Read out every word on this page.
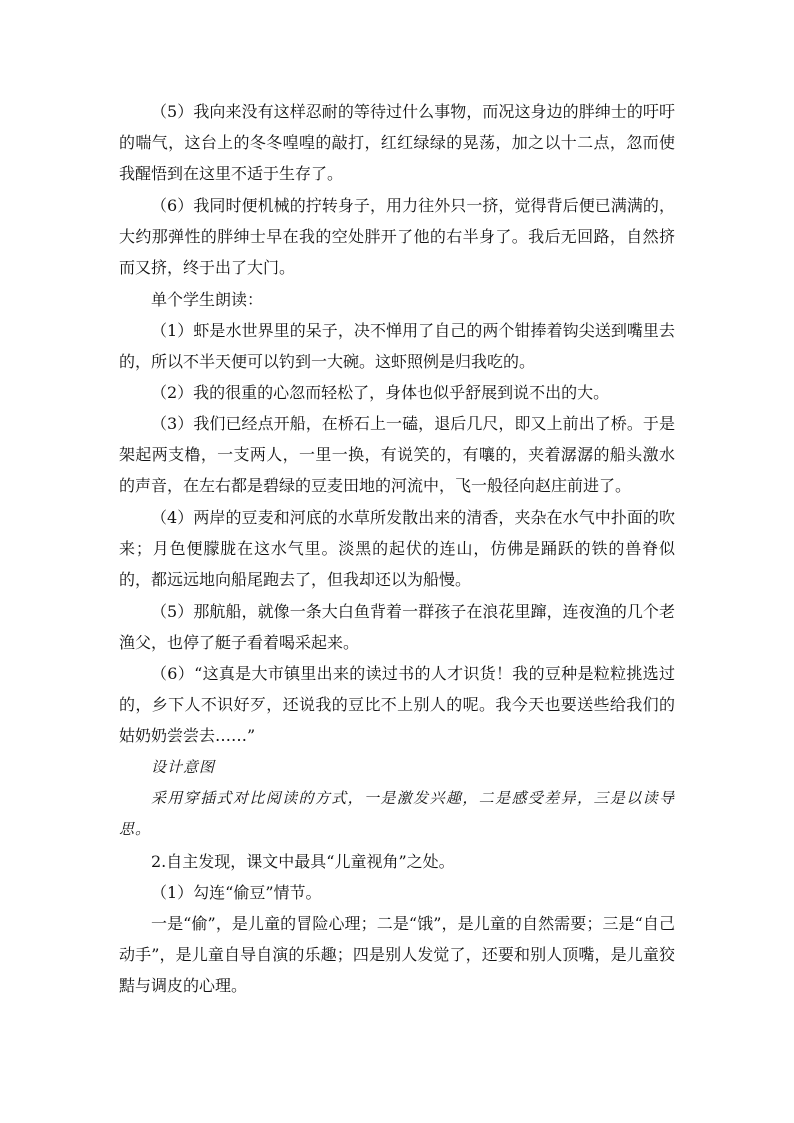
（5）我向来没有这样忍耐的等待过什么事物，而况这身边的胖绅士的吁吁的喘气，这台上的冬冬喤喤的敲打，红红绿绿的晃荡，加之以十二点，忽而使我醒悟到在这里不适于生存了。

（6）我同时便机械的拧转身子，用力往外只一挤，觉得背后便已满满的，大约那弹性的胖绅士早在我的空处胖开了他的右半身了。我后无回路，自然挤而又挤，终于出了大门。

单个学生朗读：

（1）虾是水世界里的呆子，决不惮用了自己的两个钳捧着钩尖送到嘴里去的，所以不半天便可以钓到一大碗。这虾照例是归我吃的。

（2）我的很重的心忽而轻松了，身体也似乎舒展到说不出的大。

（3）我们已经点开船，在桥石上一磕，退后几尺，即又上前出了桥。于是架起两支橹，一支两人，一里一换，有说笑的，有嚷的，夹着潺潺的船头激水的声音，在左右都是碧绿的豆麦田地的河流中，飞一般径向赵庄前进了。

（4）两岸的豆麦和河底的水草所发散出来的清香，夹杂在水气中扑面的吹来；月色便朦胧在这水气里。淡黑的起伏的连山，仿佛是踊跃的铁的兽脊似的，都远远地向船尾跑去了，但我却还以为船慢。

（5）那航船，就像一条大白鱼背着一群孩子在浪花里蹿，连夜渔的几个老渔父，也停了艇子看着喝采起来。

（6）“这真是大市镇里出来的读过书的人才识货！我的豆种是粒粒挑选过的，乡下人不识好歹，还说我的豆比不上别人的呢。我今天也要送些给我们的姑奶奶尝尝去……”

设计意图

采用穿插式对比阅读的方式，一是激发兴趣，二是感受差异，三是以读导思。

2.自主发现，课文中最具“儿童视角”之处。

（1）勾连“偷豆”情节。

一是“偷”，是儿童的冒险心理；二是“饿”，是儿童的自然需要；三是“自己动手”，是儿童自导自演的乐趣；四是别人发觉了，还要和别人顶嘴，是儿童狡黠与调皮的心理。
